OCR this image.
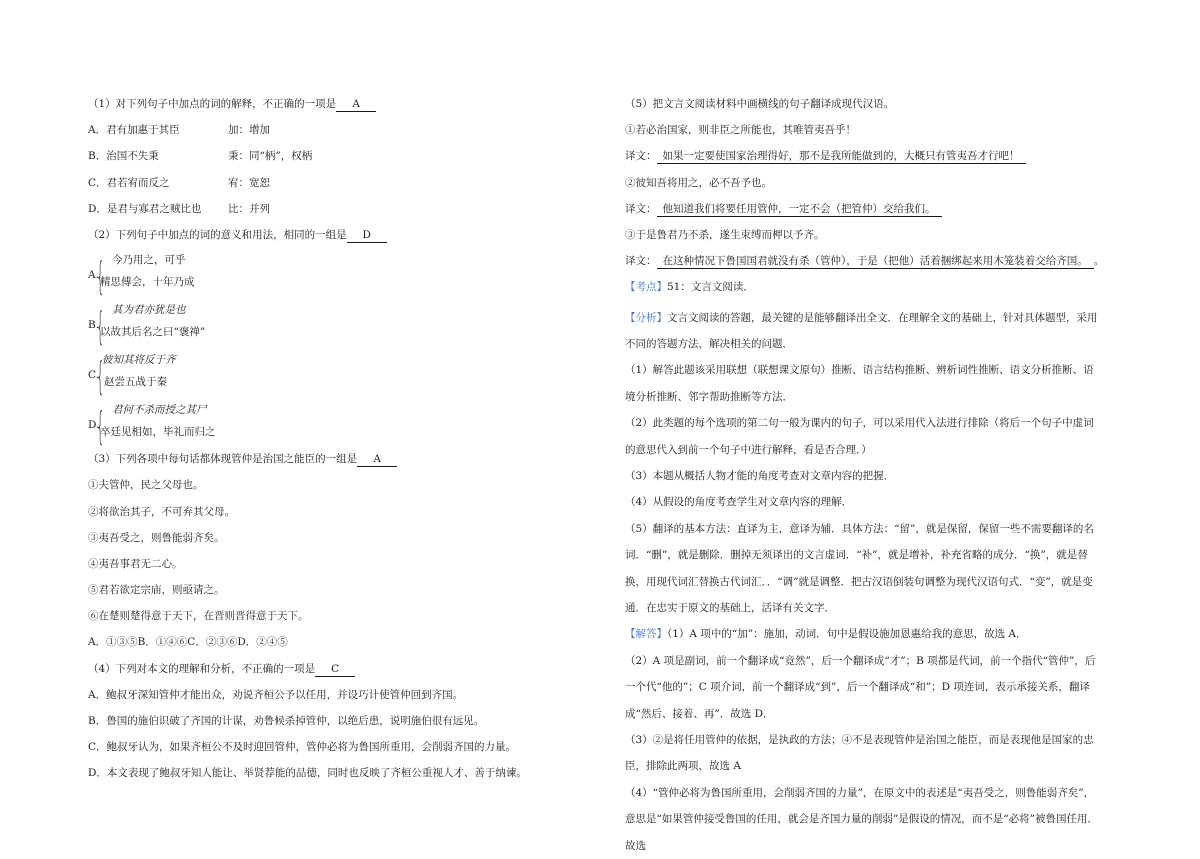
（1）对下列句子中加点的词的解释，不正确的一项是 A
A．君有加惠于其臣	加：增加
B．治国不失秉	秉：同“柄”，权柄
C．君若宥而反之	宥：宽恕
D．是君与寡君之贼比也	比：并列
（2）下列句子中加点的词的意义和用法，相同的一组是 D
A.
{ 今乃用之，可乎
精思傅会，十年乃成
B.
{ 其为君亦犹是也
以故其后名之曰“褒禅”
C.
{
彼知其将反于齐
赵尝五战于秦
D.
{ 君何不杀而授之其尸
卒廷见相如，毕礼而归之
（3）下列各项中每句话都体现管仲是治国之能臣的一组是 A
①夫管仲，民之父母也。
②将欲治其子，不可弃其父母。
③夷吾受之，则鲁能弱齐矣。
④夷吾事君无二心。
⑤君若欲定宗庙，则亟请之。
⑥在楚则楚得意于天下，在晋则晋得意于天下。
A．①③⑤B．①④⑥C．②③⑥D．②④⑤
（4）下列对本文的理解和分析，不正确的一项是 C
A．鲍叔牙深知管仲才能出众，劝说齐桓公予以任用，并设巧计使管仲回到齐国。
B．鲁国的施伯识破了齐国的计谋，劝鲁候杀掉管仲，以绝后患，说明施伯很有远见。
C．鲍叔牙认为，如果齐桓公不及时迎回管仲，管仲必将为鲁国所重用，会削弱齐国的力量。
D．本文表现了鲍叔牙知人能让、举贤荐能的品德，同时也反映了齐桓公重视人才、善于纳谏。
（5）把文言文阅读材料中画横线的句子翻译成现代汉语。
①若必治国家，则非臣之所能也，其唯管夷吾乎！
译文： 如果一定要使国家治理得好，那不是我所能做到的，大概只有管夷吾才行吧！
②彼知吾将用之，必不吾予也。
译文： 他知道我们将要任用管仲，一定不会（把管仲）交给我们。
③于是鲁君乃不杀，遂生束缚而柙以予齐。
译文： 在这种情况下鲁国国君就没有杀（管仲），于是（把他）活着捆绑起来用木笼装着交给齐国。 。
【考点】51：文言文阅读．
【分析】文言文阅读的答题，最关键的是能够翻译出全文．在理解全文的基础上，针对具体题型，采用不同的答题方法，解决相关的问题．
（1）解答此题该采用联想（联想课文原句）推断、语言结构推断、辨析词性推断、语文分析推断、语境分析推断、邻字帮助推断等方法．
（2）此类题的每个选项的第二句一般为课内的句子，可以采用代入法进行排除（将后一个句子中虚词的意思代入到前一个句子中进行解释，看是否合理．）
（3）本题从概括人物才能的角度考查对文章内容的把握．
（4）从假设的角度考查学生对文章内容的理解．
（5）翻译的基本方法：直译为主，意译为辅．具体方法：“留”，就是保留，保留一些不需要翻译的名词．“删”，就是删除．删掉无须译出的文言虚词．“补”，就是增补，补充省略的成分．“换”，就是替换，用现代词汇替换古代词汇．．“调”就是调整．把古汉语倒装句调整为现代汉语句式．“变”，就是变通．在忠实于原文的基础上，活译有关文字．
【解答】（1）A 项中的“加”：施加，动词．句中是假设施加恩惠给我的意思，故选 A．
（2）A 项是副词，前一个翻译成“竟然”，后一个翻译成“才”；B 项都是代词，前一个指代“管仲”，后一个代“他的”；C 项介词，前一个翻译成“到”，后一个翻译成“和”；D 项连词，表示承接关系，翻译成“然后、接着、再”．故选 D．
（3）②是将任用管仲的依据，是执政的方法；④不是表现管仲是治国之能臣，而是表现他是国家的忠臣，排除此两项，故选 A
（4）“管仲必将为鲁国所重用，会削弱齐国的力量”，在原文中的表述是“夷吾受之，则鲁能弱齐矣”，意思是“如果管仲接受鲁国的任用，就会是齐国力量的削弱”是假设的情况，而不是“必将”被鲁国任用．故选
